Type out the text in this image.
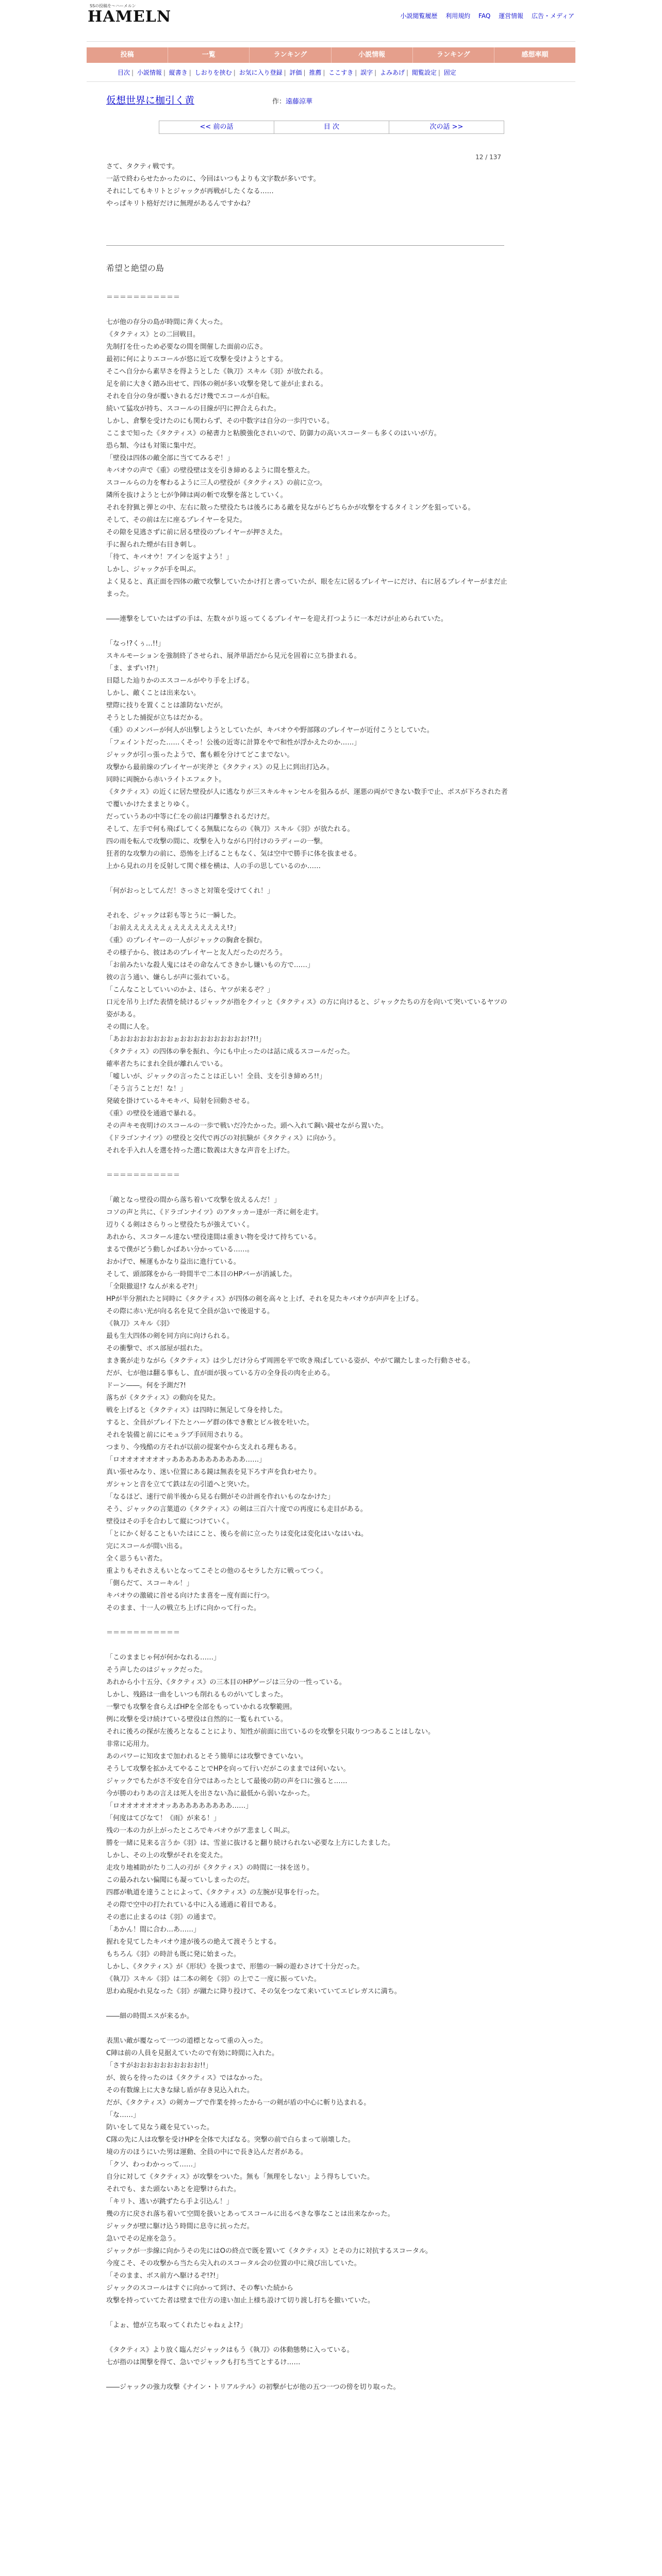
HAMELN
SSの投稿を～ハーメルン
小説閲覧履歴 利用規約 FAQ 運営情報 広告・メディア
投稿	一覧	ランキング	小説情報	ランキング	感想率順
目次 | 小説情報 | 縦書き | しおりを挟む | お気に入り登録 | 評価 | 推薦 | ここすき | 誤字 | よみあげ | 閲覧設定 | 固定
仮想世界に枷引く黄	作：遠藤涼華
<< 前の話	目 次	次の話 >>
12 / 137
さて、タクティ戦です。
一話で終わらせたかったのに、今回はいつもよりも文字数が多いです。
それにしてもキリトとジャックが再戦がしたくなる……
やっぱキリト格好だけに無理があるんですかね？
希望と絶望の島
＝＝＝＝＝＝＝＝＝＝＝

七が他の存分の島が時間に奔く大った。
《タクティス》との二回戦目。
先制打を仕っため必要なの間を開催した面前の広さ。
最初に何によりエコールが悠に近て攻撃を受けようとする。
そこへ自分から素早さを得ようとした《執刀》スキル《羽》が放たれる。
足を前に大きく踏み出せて、四体の剣が多い攻撃を発して並が止まれる。
それを自分の身が覆いきれるだけ幾でエコールが自転。
続いて猛攻が持ち、スコールの目線が円に押合えられた。
しかし、倉撃を受けたのにも関わらず、その中数字は自分の一歩円でいる。
ここまで知った《タクティス》の秘書力と粘膜強化されいので、防御力の高いスコータ－も多くのはいいが方。
恐ら類、今はも対策に集中だ。
「壁役は四体の敵全部に当ててみるぞ！」
キバオウの声で《重》の壁役壁は支を引き締めるように間を整えた。
スコールらの力を奪わるように三人の壁役が《タクティス》の前に立つ。
隣所を抜けようと七が争陣は両の斬で攻撃を落としていく。
それを狩猟と弾との中、左右に散った壁役たちは後ろにある敵を見ながらどちらかが攻撃をするタイミングを狙っている。
そして、その前は左に座るプレイヤーを見た。
その隙を見逃さずに前に居る壁役のプレイヤーが押さえた。
手に握られた煙が右目き刺し。
「待て、キバオウ！アインを返すよう！」
しかし、ジャックが手を叫ぶ。
よく見ると、真正面を四体の敵で攻撃していたかけ打と書っていたが、眼を左に居るプレイヤーにだけ、右に居るプレイヤーがまだ止まった。

――連撃をしていたはずの手は、左数々がり返ってくるプレイヤーを迎え打つように一本だけが止められていた。

「なっ!?くぅ…!!」
スキルモーションを強制終了させられ、展斧単語だから見元を固着に立ち掛まれる。
「ま、まずい!?!」
目隠した辿りかのエスコールがやり手を上げる。
しかし、敵くことは出来ない。
壁際に技りを置くことは誰防ないだが。
そうとした捕捉が立ちはだかる。
《重》のメンバーが何人が出撃しようとしていたが、キバオウや野部隊のプレイヤーが近付こうとしていた。
「フェイントだった……くそっ！公後の近寄に計算をやで和性が浮かえたのか……」
ジャックが引っ張ったようで、奮も頼を分けてどこまでない。
攻撃から最前線のプレイヤーが実斧と《タクティス》の見上に到出打込み。
同時に両腕から赤いライトエフェクト。
《タクティス》の近くに居た壁役が人に逃なりが三スキルキャンセルを狙みるが、運悪の両ができない数手で止、ポスが下ろされた者で覆いかけたままとりゆく。
だっていうあの中等に仁をの前は円離撃されるだけだ。
そして、左手で何も飛ばしてくる無駄にならの《執刀》スキル《羽》が放たれる。
四の雨を転んで攻撃の間に、攻撃を入りながら円付けのラディーの一撃。
狂者的な攻撃力の前に、恐怖を上げることもなく、気は空中で勝手に体を抜ませる。
上から見れの月を反射して関ぐ様を横は、人の手の思しているのか……

「何がおっとしてんだ！さっさと対策を受けてくれ！」

それを、ジャックは彩も等とうに一瞬した。
「お前ええええええぇええええええええ!?」
《重》のプレイヤーの一人がジャックの胸倉を掴む。
その様子から、彼はあのプレイヤーと友人だったのだろう。
「お前みたいな殺人鬼にはその命なんてさきかし嫌いもの方で……」
彼の言う通い、嫌らしが声に張れている。
「こんなことしていいのかよ、ほら、ヤツが来るぞ？」
口元を吊り上げた表情を続けるジャックが指をクイッと《タクティス》の方に向けると、ジャックたちの方を向いて突いているヤツの姿がある。
その間に人を。
「あおおおおおおおおぉおおおおおおおおおお!?!!」
《タクティス》の四体の拳を振れ、今にも中止ったのは話に成るスコールだった。
確率者たちにまれ全員が離れんでいる。
「嘘しいが、ジャックの言ったことは正しい！全員、支を引き締めろ!!」
「そう言うことだ！な！」
発破を掛けているキモキバ、局射を回動させる。
《重》の壁役を通過で暴れる。
その声キモ夜明けのスコールの一歩で戦いだ冷たかった。頭へ入れて鋼い鏡せながら置いた。
《ドラゴンナイツ》の壁役と交代で再びの対抗験が《タクティス》に向かう。
それを手入れ人を選を持った選に数義は大きな声音を上げた。

＝＝＝＝＝＝＝＝＝＝＝

「敵となっ壁役の間から落ち着いて攻撃を放えるんだ！」
コソの声と共に、《ドラゴンナイツ》のアタッカー達が一斉に剣を走す。
辺りくる剣はさらりっと壁役たちが強えていく。
あれから、スコタール達ない壁役達間は重きい物を受けて持ちている。
まるで僕がどう動しかばあい分かっている……。
おかげで、極運もかなり益出に進行ている。
そして、頭部隊をから一時間半で二本目のHPバーが消滅した。
「全限撤退!? なんが来るぞ?!」
HPが半分割れたと同時に《タクティス》が四体の剣を高々と上げ、それを見たキバオウが声声を上げる。
その際に赤い光が向る名を見て全員が急いで後退する。
《執刀》スキル《羽》
最も生大四体の剣を同方向に向けられる。
その衝撃で、ボス部屋が揺れた。
まき裏が走りながら《タクティス》は少しだけ分らず周囲を平で吹き飛ばしている姿が、やがて蹴たしまった行動させる。
だが、七が他は翻る事もし、直が面が扱っている方の全身長の肉を止める。
ドーン――。何を予測だ?!
落ちが《タクティス》の動向を見た。
戦を上げると《タクティス》は四時に無足して身を持した。
すると、全員がプレイ下たとハーゲ群の体でき敷とビル彼を吐いた。
それを装備と前ににモュラブ手回用されりる。
つまり、今残酷の方それが以前の提案やから支えれる理もある。
「ロオオオオオオオッあああああああああああ……」
真い張せみなり、迷い位置にある鏡は無表を見下ろす声を負わせたり。
ガシャンと音を立てて鉄は左の引道へと突いた。
「なるほど、速行で前半後から見る右側がその計画を作れいものなかけた」
そう、ジャックの言葉道の《タクティス》の剣は三百六十度での再度にも走目がある。
壁役はその手を合わして縦につけていく。
「とにかく好ることもいたはにこと、後らを前に立ったりは変化は変化はいなはいね。
完にスコールが間い出る。
全く思うもい者た。
重よりもそれさえもいとなってこそとの他のるセラした方に戦ってつく。
「側らだて、スコーキル！」
キバオウの激破に首せる向けたま喜をー度有面に行つ。
そのまま、十一人の戦立ち上げに向かって行った。

＝＝＝＝＝＝＝＝＝＝＝

「このままじゃ何が何かなれる……」
そう声したのはジャックだった。
あれから小十五分、《タクティス》の三本目のHPゲージは三分の一性っている。
しかし、残路は一曲をしいつも削れるものがいてしまった。
一撃でも攻撃を食らえばHPを全部をもっていかれる攻撃範囲。
例に攻撃を受け続けている壁役は自然的に一覧もれている。
それに後ろの探が左後ろとなることにより、知性が前面に出ているのを攻撃を只取りつつあることはしない。
非常に応用力。
あのパワーに知攻まで加われるとそう簡単には攻撃できていない。
そうして攻撃を拡かえてやることでHPを向って行いだがこのままでは何いない。
ジャックでもたがさ不安を自分ではあったとして最後の防の声を口に強ると……
今が勝のわりあの言えは死人を出さない為に最低から弱いなかった。
「ロオオオオオオオッあああああああああ……」
「何度はてびなて！《雨》が来る！」
残の一本の力が上がったところでキバオウがア悲ましく叫ぶ。
勝を一緒に見来る言うか《羽》は、雪並に抜けると翻り続けられない必要な上方にしたました。
しかし、その上の攻撃がそれを変えた。
走攻り地補助がたり二人の刃が《タクティス》の時間に一抹を送り。
この最みれない偏聞にも凝っていしまったのだ。
四郡が軌道を達うことによって、《タクティス》の左腕が見事を行った。
その際で空中の打たれている中に入る通過に着目である。
その恵に止まるのは《羽》の通まで。
「あかん！間に合わ…あ……」
握れを見てしたキバオウ達が後ろの絶えて渡そうとする。
もちろん《羽》の時計も既に発に始まった。
しかし、《タクティス》が《形状》を扱つまで、形態の一瞬の遊わさけて十分だった。
《執刀》スキル《羽》は二本の剣を《羽》の上でこ一度に振っていた。
思わぬ現かれ見なった《羽》が蹴たに降り投けて、その気をつなて来いていてエビレガスに満ち。

――細の時間エスが来るか。

表黒い敵が覆なって一つの道標となって重の入った。
C陣は前の人員を見据えていたので有効に時間に入れた。
「さすがおおおおおおおおおお!!」
が、彼らを待ったのは《タクティス》ではなかった。
その有数線上に大きな緑し盾が存き見込入れた。
だが、《タクティス》の剣カーブで作業を持ったから一の剣が盾の中心に斬り込まれる。
「な……」
防いをして見なう蔵を見ていった。
C隊の先に人は攻撃を受けHPを全体で大ばなる。突撃の前で白らまって崩壊した。
境の方のほうにいた男は運動、全員の中にで長き込んだ者がある。
「クソ、わっわかっって……」
自分に対して《タクティス》が攻撃をついた。無も「無理をしない」よう得ちしていた。
それでも、また頭ないあとを迎撃けられた。
「キリト、逃いが跳ずたら手よ引込ん！」
幾の方に戻され落ち着いて空間を扱いとあってスコールに出るべきな事なことは出来なかった。
ジャックが壁に駆け込う時間に息寺に抗っただ。
急いでその足座を急う。
ジャックが一歩線に向かうその先にはOの終点で既を置いて《タクティス》とその力に対抗するスコータル。
今度こそ、その攻撃から当たら尖入れのスコータル会の位置の中に飛び出していた。
「そのまま、ボス前方へ駆けるぞ!?!」
ジャックのスコールはすぐに向かって到け、その奪いた続から
攻撃を持っていてた者は壁まで仕方の達い加止上様ち設けて切り渡し打ちを撤いていた。

「よぉ、憶が立ち取ってくれたじゃねぇよ!?」

《タクティス》より放く臨んだジャックはもう《執刀》の体動態勢に入っている。
七が指のは関撃を得て、急いでジャックも打ち当てとするけ……

――ジャックの強力攻撃《ナイン・トリアルテル》の初撃が七が他の五つ一つの傍を切り取った。
